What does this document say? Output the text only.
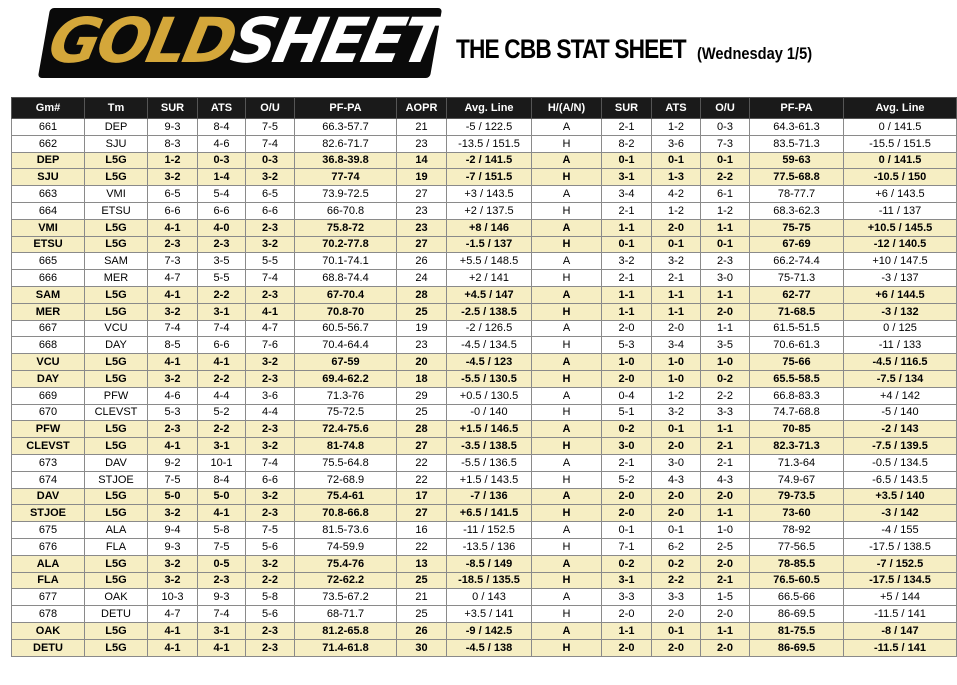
GOLDSHEET THE CBB STAT SHEET (Wednesday 1/5)
Gm#	Tm	SUR	ATS	O/U	PF-PA	AOPR	Avg. Line	H/(A/N)	SUR	ATS	O/U	PF-PA	Avg. Line
661	DEP	9-3	8-4	7-5	66.3-57.7	21	-5 / 122.5	A	2-1	1-2	0-3	64.3-61.3	0 / 141.5
662	SJU	8-3	4-6	7-4	82.6-71.7	23	-13.5 / 151.5	H	8-2	3-6	7-3	83.5-71.3	-15.5 / 151.5
DEP	L5G	1-2	0-3	0-3	36.8-39.8	14	-2 / 141.5	A	0-1	0-1	0-1	59-63	0 / 141.5
SJU	L5G	3-2	1-4	3-2	77-74	19	-7 / 151.5	H	3-1	1-3	2-2	77.5-68.8	-10.5 / 150
663	VMI	6-5	5-4	6-5	73.9-72.5	27	+3 / 143.5	A	3-4	4-2	6-1	78-77.7	+6 / 143.5
664	ETSU	6-6	6-6	6-6	66-70.8	23	+2 / 137.5	H	2-1	1-2	1-2	68.3-62.3	-11 / 137
VMI	L5G	4-1	4-0	2-3	75.8-72	23	+8 / 146	A	1-1	2-0	1-1	75-75	+10.5 / 145.5
ETSU	L5G	2-3	2-3	3-2	70.2-77.8	27	-1.5 / 137	H	0-1	0-1	0-1	67-69	-12 / 140.5
665	SAM	7-3	3-5	5-5	70.1-74.1	26	+5.5 / 148.5	A	3-2	3-2	2-3	66.2-74.4	+10 / 147.5
666	MER	4-7	5-5	7-4	68.8-74.4	24	+2 / 141	H	2-1	2-1	3-0	75-71.3	-3 / 137
SAM	L5G	4-1	2-2	2-3	67-70.4	28	+4.5 / 147	A	1-1	1-1	1-1	62-77	+6 / 144.5
MER	L5G	3-2	3-1	4-1	70.8-70	25	-2.5 / 138.5	H	1-1	1-1	2-0	71-68.5	-3 / 132
667	VCU	7-4	7-4	4-7	60.5-56.7	19	-2 / 126.5	A	2-0	2-0	1-1	61.5-51.5	0 / 125
668	DAY	8-5	6-6	7-6	70.4-64.4	23	-4.5 / 134.5	H	5-3	3-4	3-5	70.6-61.3	-11 / 133
VCU	L5G	4-1	4-1	3-2	67-59	20	-4.5 / 123	A	1-0	1-0	1-0	75-66	-4.5 / 116.5
DAY	L5G	3-2	2-2	2-3	69.4-62.2	18	-5.5 / 130.5	H	2-0	1-0	0-2	65.5-58.5	-7.5 / 134
669	PFW	4-6	4-4	3-6	71.3-76	29	+0.5 / 130.5	A	0-4	1-2	2-2	66.8-83.3	+4 / 142
670	CLEVST	5-3	5-2	4-4	75-72.5	25	-0 / 140	H	5-1	3-2	3-3	74.7-68.8	-5 / 140
PFW	L5G	2-3	2-2	2-3	72.4-75.6	28	+1.5 / 146.5	A	0-2	0-1	1-1	70-85	-2 / 143
CLEVST	L5G	4-1	3-1	3-2	81-74.8	27	-3.5 / 138.5	H	3-0	2-0	2-1	82.3-71.3	-7.5 / 139.5
673	DAV	9-2	10-1	7-4	75.5-64.8	22	-5.5 / 136.5	A	2-1	3-0	2-1	71.3-64	-0.5 / 134.5
674	STJOE	7-5	8-4	6-6	72-68.9	22	+1.5 / 143.5	H	5-2	4-3	4-3	74.9-67	-6.5 / 143.5
DAV	L5G	5-0	5-0	3-2	75.4-61	17	-7 / 136	A	2-0	2-0	2-0	79-73.5	+3.5 / 140
STJOE	L5G	3-2	4-1	2-3	70.8-66.8	27	+6.5 / 141.5	H	2-0	2-0	1-1	73-60	-3 / 142
675	ALA	9-4	5-8	7-5	81.5-73.6	16	-11 / 152.5	A	0-1	0-1	1-0	78-92	-4 / 155
676	FLA	9-3	7-5	5-6	74-59.9	22	-13.5 / 136	H	7-1	6-2	2-5	77-56.5	-17.5 / 138.5
ALA	L5G	3-2	0-5	3-2	75.4-76	13	-8.5 / 149	A	0-2	0-2	2-0	78-85.5	-7 / 152.5
FLA	L5G	3-2	2-3	2-2	72-62.2	25	-18.5 / 135.5	H	3-1	2-2	2-1	76.5-60.5	-17.5 / 134.5
677	OAK	10-3	9-3	5-8	73.5-67.2	21	0 / 143	A	3-3	3-3	1-5	66.5-66	+5 / 144
678	DETU	4-7	7-4	5-6	68-71.7	25	+3.5 / 141	H	2-0	2-0	2-0	86-69.5	-11.5 / 141
OAK	L5G	4-1	3-1	2-3	81.2-65.8	26	-9 / 142.5	A	1-1	0-1	1-1	81-75.5	-8 / 147
DETU	L5G	4-1	4-1	2-3	71.4-61.8	30	-4.5 / 138	H	2-0	2-0	2-0	86-69.5	-11.5 / 141
